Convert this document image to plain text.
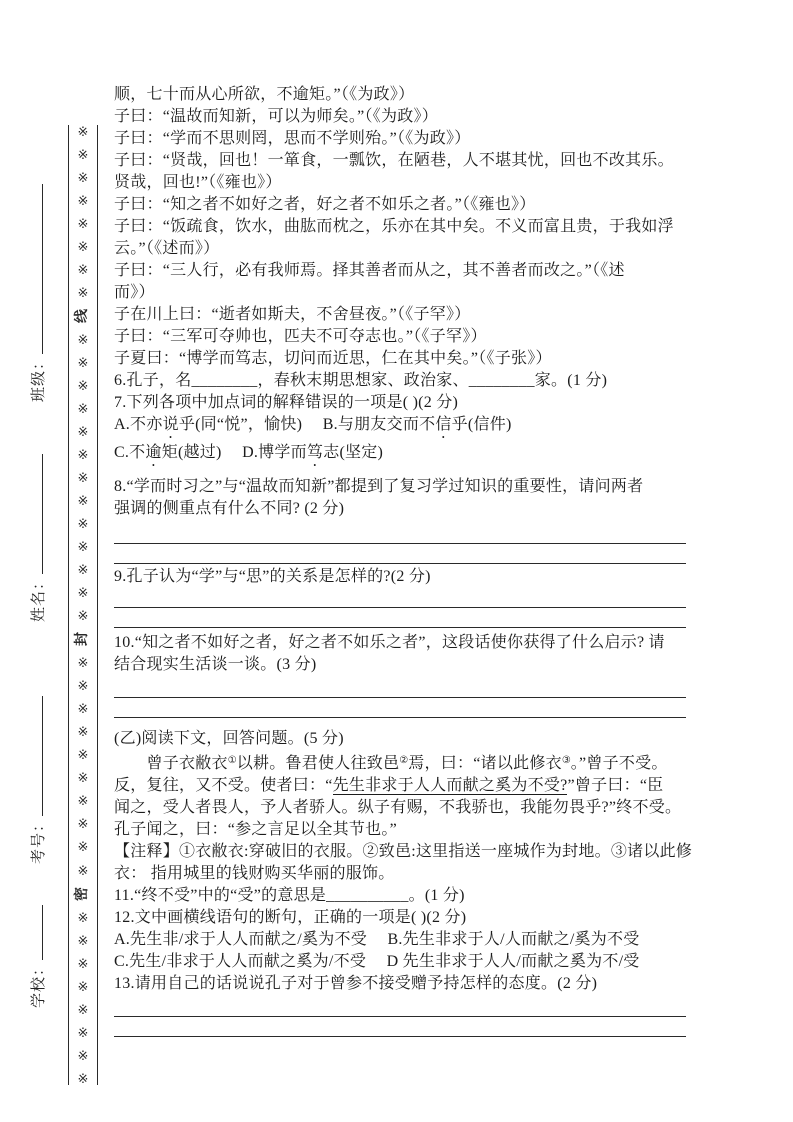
※
※
※
※
※
※
※
※
线
※
※
※
※
※
※
※
※
※
※
※
※
※
封
※
※
※
※
※
※
※
※
※
※
密
※
※
※
※
※
※
※
※
班级：
姓名：
考号：
学校：
顺，七十而从心所欲，不逾矩。”（《为政》）
子曰：“温故而知新，可以为师矣。”（《为政》）
子曰：“学而不思则罔，思而不学则殆。”（《为政》）
子曰：“贤哉，回也！一箪食，一瓢饮，在陋巷，人不堪其忧，回也不改其乐。
贤哉，回也!”（《雍也》）
子曰：“知之者不如好之者，好之者不如乐之者。”（《雍也》）
子曰：“饭疏食，饮水，曲肱而枕之，乐亦在其中矣。不义而富且贵，于我如浮
云。”（《述而》）
子曰：“三人行，必有我师焉。择其善者而从之，其不善者而改之。”（《述
而》）
子在川上曰：“逝者如斯夫，不舍昼夜。”（《子罕》）
子曰：“三军可夺帅也，匹夫不可夺志也。”（《子罕》）
子夏曰：“博学而笃志，切问而近思，仁在其中矣。”（《子张》）
6.孔子，名________，春秋末期思想家、政治家、________家。(1 分)
7.下列各项中加点词的解释错误的一项是( )(2 分)
A.不亦说乎(同“悦”，愉快)　 B.与朋友交而不信乎(信件)
C.不逾矩(越过)　 D.博学而笃志(坚定)
8.“学而时习之”与“温故而知新”都提到了复习学过知识的重要性，请问两者
强调的侧重点有什么不同? (2 分)
9.孔子认为“学”与“思”的关系是怎样的?(2 分)
10.“知之者不如好之者，好之者不如乐之者”，这段话使你获得了什么启示? 请
结合现实生活谈一谈。(3 分)
(乙)阅读下文，回答问题。(5 分)
　　曾子衣敝衣①以耕。鲁君使人往致邑②焉，曰：“诸以此修衣③。”曾子不受。
反，复往，又不受。使者曰：“先生非求于人人而献之奚为不受?”曾子曰：“臣
闻之，受人者畏人，予人者骄人。纵子有赐，不我骄也，我能勿畏乎?”终不受。
孔子闻之，曰：“参之言足以全其节也。”
【注释】①衣敝衣:穿破旧的衣服。②致邑:这里指送一座城作为封地。③诸以此修
衣： 指用城里的钱财购买华丽的服饰。
11.“终不受”中的“受”的意思是__________。(1 分)
12.文中画横线语句的断句，正确的一项是( )(2 分)
A.先生非/求于人人而献之/奚为不受　 B.先生非求于人/人而献之/奚为不受
C.先生/非求于人人而献之奚为/不受　 D 先生非求于人人/而献之奚为不/受
13.请用自己的话说说孔子对于曾参不接受赠予持怎样的态度。(2 分)
